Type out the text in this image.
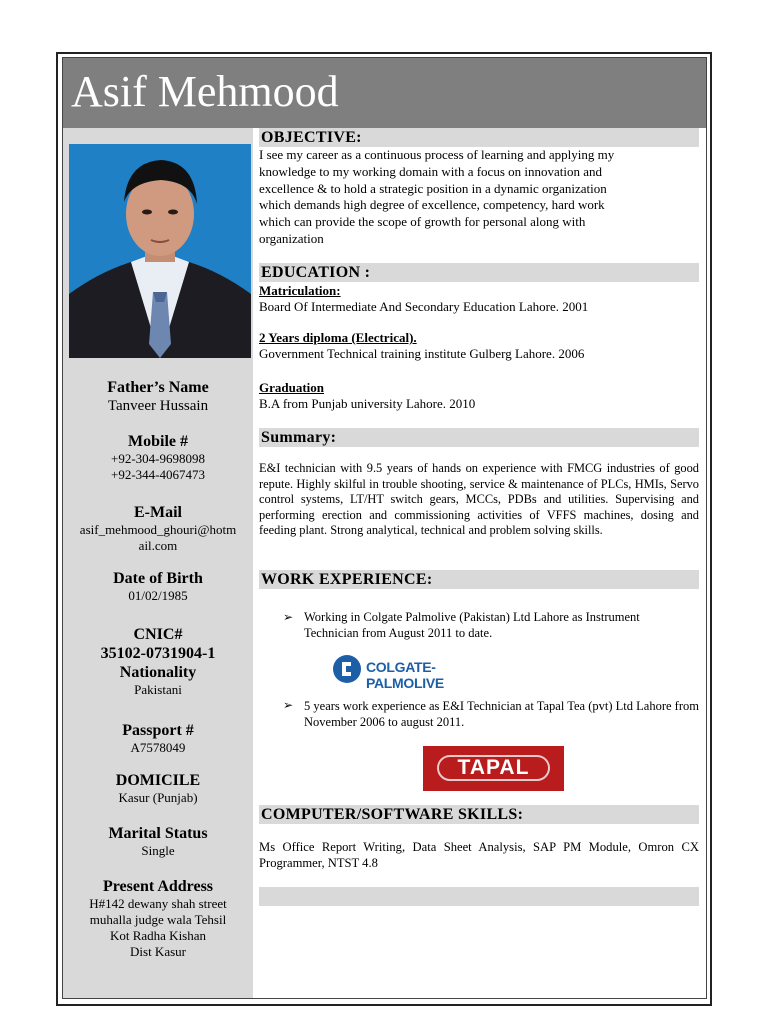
Asif Mehmood
Father’s Name
Tanveer Hussain
Mobile #
+92-304-9698098
+92-344-4067473
E-Mail
asif_mehmood_ghouri@hotm
ail.com
Date of Birth
01/02/1985
CNIC#
35102-0731904-1
Nationality
Pakistani
Passport #
A7578049
DOMICILE
Kasur (Punjab)
Marital Status
Single
Present Address
H#142 dewany shah street
muhalla judge wala Tehsil
Kot Radha Kishan
Dist Kasur
OBJECTIVE:
I see my career as a continuous process of learning and applying my
knowledge to my working domain with a focus on innovation and
excellence & to hold a strategic position in a dynamic organization
which demands high degree of excellence, competency, hard work
which can provide the scope of growth for personal along with
organization
EDUCATION :
Matriculation:
Board Of Intermediate And Secondary Education Lahore. 2001
2 Years diploma (Electrical).
Government Technical training institute Gulberg Lahore. 2006
Graduation
B.A from Punjab university Lahore. 2010
Summary:
E&I technician with 9.5 years of hands on experience with FMCG industries of good repute. Highly skilful in trouble shooting, service & maintenance of PLCs, HMIs, Servo control systems, LT/HT switch gears, MCCs, PDBs and utilities. Supervising and performing erection and commissioning activities of VFFS machines, dosing and feeding plant. Strong analytical, technical and problem solving skills.
WORK EXPERIENCE:
➢ Working in Colgate Palmolive (Pakistan) Ltd Lahore as Instrument
Technician from August 2011 to date.
COLGATE-PALMOLIVE
➢ 5 years work experience as E&I Technician at Tapal Tea (pvt) Ltd Lahore from November 2006 to august 2011.
TAPAL
COMPUTER/SOFTWARE SKILLS:
Ms Office Report Writing, Data Sheet Analysis, SAP PM Module, Omron CX Programmer, NTST 4.8
